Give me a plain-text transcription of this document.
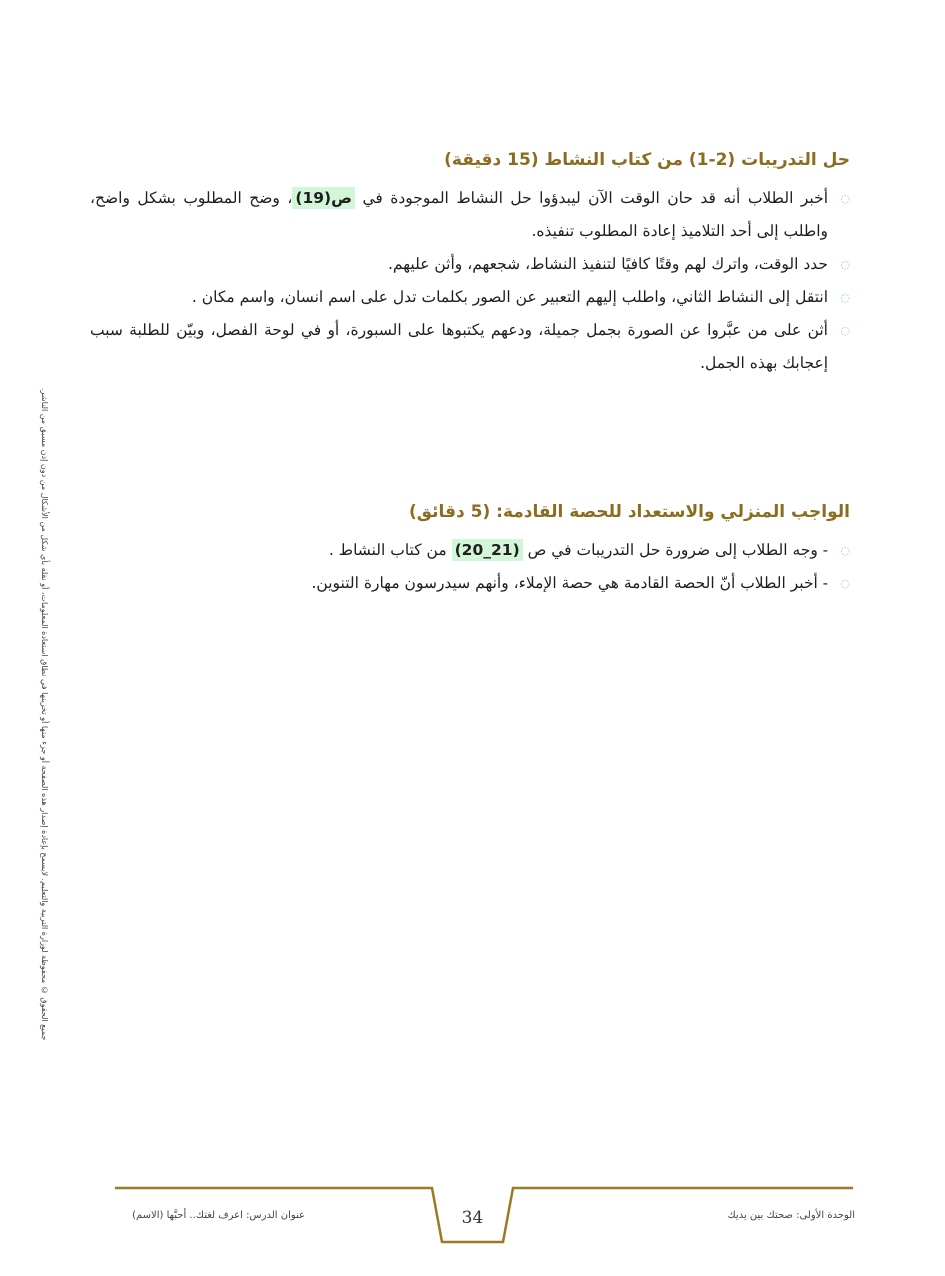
حل التدريبات (2-1) من كتاب النشاط (15 دقيقة)
◌
أخبر الطلاب أنه قد حان الوقت الآن ليبدؤوا حل النشاط الموجودة في ص(19)، وضح المطلوب بشكل واضح، واطلب إلى أحد التلاميذ إعادة المطلوب تنفيذه.
◌
حدد الوقت، واترك لهم وقتًا كافيًا لتنفيذ النشاط، شجعهم، وأثن عليهم.
◌
انتقل إلى النشاط الثاني، واطلب إليهم التعبير عن الصور بكلمات تدل على اسم انسان، واسم مكان .
◌
أثن على من عبَّروا عن الصورة بجمل جميلة، ودعهم يكتبوها على السبورة، أو في لوحة الفصل، وبيّن للطلبة سبب إعجابك بهذه الجمل.
الواجب المنزلي والاستعداد للحصة القادمة: (5 دقائق)
◌
- وجه الطلاب إلى ضرورة حل التدريبات في ص (21_20) من كتاب النشاط .
◌
- أخبر الطلاب أنّ الحصة القادمة هي حصة الإملاء، وأنهم سيدرسون مهارة التنوين.
جميع الحقوق © محفوظة لوزارة التربية والتعليم. لايسمح بإعادة إصدار هذه الصفحة أو جزء منها أو تخزينها في نطاق استعادة المعلومات، أو نقله بأي شكل من الأشكال من دون إذن مسبق من الناشر.
34
عنوان الدرس: اعرف لغتك.. أحبَّها (الاسم)	الوحدة الأولى: صحتك بين يديك
